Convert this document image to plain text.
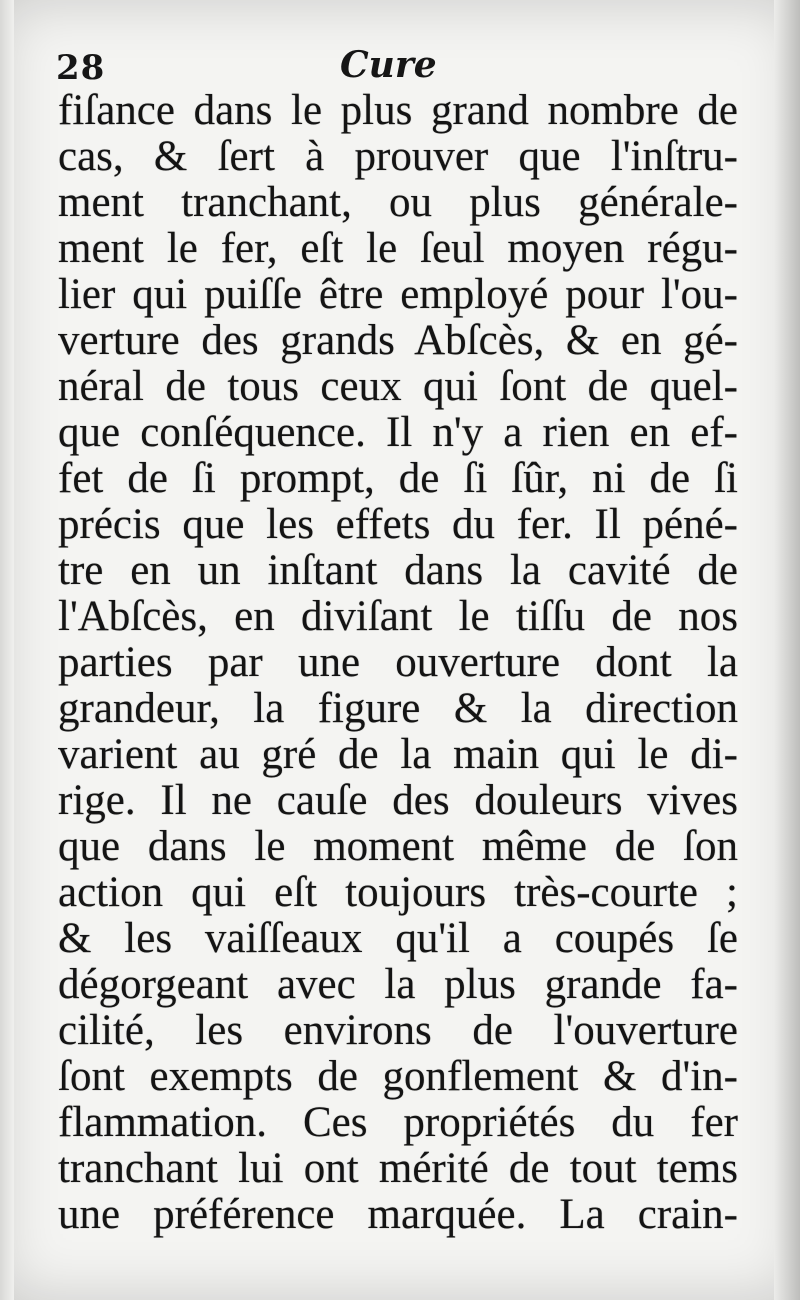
28	Cure
fiſance dans le plus grand nombre de
cas, & ſert à prouver que l'inſtru-
ment tranchant, ou plus générale-
ment le fer, eſt le ſeul moyen régu-
lier qui puiſſe être employé pour l'ou-
verture des grands Abſcès, & en gé-
néral de tous ceux qui ſont de quel-
que conſéquence. Il n'y a rien en ef-
fet de ſi prompt, de ſi ſûr, ni de ſi
précis que les effets du fer. Il péné-
tre en un inſtant dans la cavité de
l'Abſcès, en diviſant le tiſſu de nos
parties par une ouverture dont la
grandeur, la figure & la direction
varient au gré de la main qui le di-
rige. Il ne cauſe des douleurs vives
que dans le moment même de ſon
action qui eſt toujours très-courte ;
& les vaiſſeaux qu'il a coupés ſe
dégorgeant avec la plus grande fa-
cilité, les environs de l'ouverture
ſont exempts de gonflement & d'in-
flammation. Ces propriétés du fer
tranchant lui ont mérité de tout tems
une préférence marquée. La crain-
